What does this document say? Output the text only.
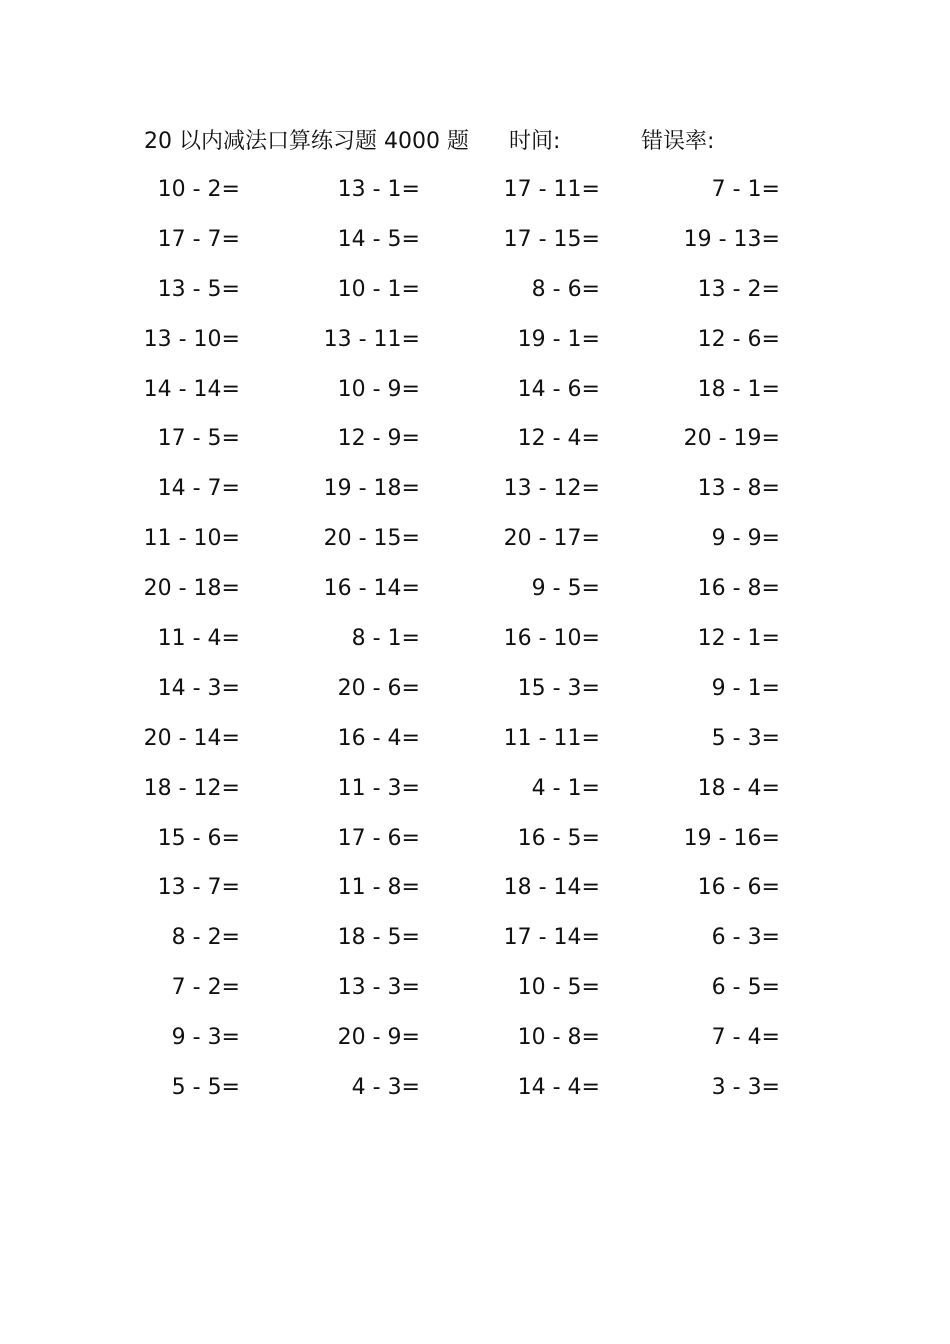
20 以内减法口算练习题 4000 题 时间:	错误率:
10 - 2=	13 - 1=	17 - 11=	7 - 1=
17 - 7=	14 - 5=	17 - 15=	19 - 13=
13 - 5=	10 - 1=	8 - 6=	13 - 2=
13 - 10=	13 - 11=	19 - 1=	12 - 6=
14 - 14=	10 - 9=	14 - 6=	18 - 1=
17 - 5=	12 - 9=	12 - 4=	20 - 19=
14 - 7=	19 - 18=	13 - 12=	13 - 8=
11 - 10=	20 - 15=	20 - 17=	9 - 9=
20 - 18=	16 - 14=	9 - 5=	16 - 8=
11 - 4=	8 - 1=	16 - 10=	12 - 1=
14 - 3=	20 - 6=	15 - 3=	9 - 1=
20 - 14=	16 - 4=	11 - 11=	5 - 3=
18 - 12=	11 - 3=	4 - 1=	18 - 4=
15 - 6=	17 - 6=	16 - 5=	19 - 16=
13 - 7=	11 - 8=	18 - 14=	16 - 6=
8 - 2=	18 - 5=	17 - 14=	6 - 3=
7 - 2=	13 - 3=	10 - 5=	6 - 5=
9 - 3=	20 - 9=	10 - 8=	7 - 4=
5 - 5=	4 - 3=	14 - 4=	3 - 3=
